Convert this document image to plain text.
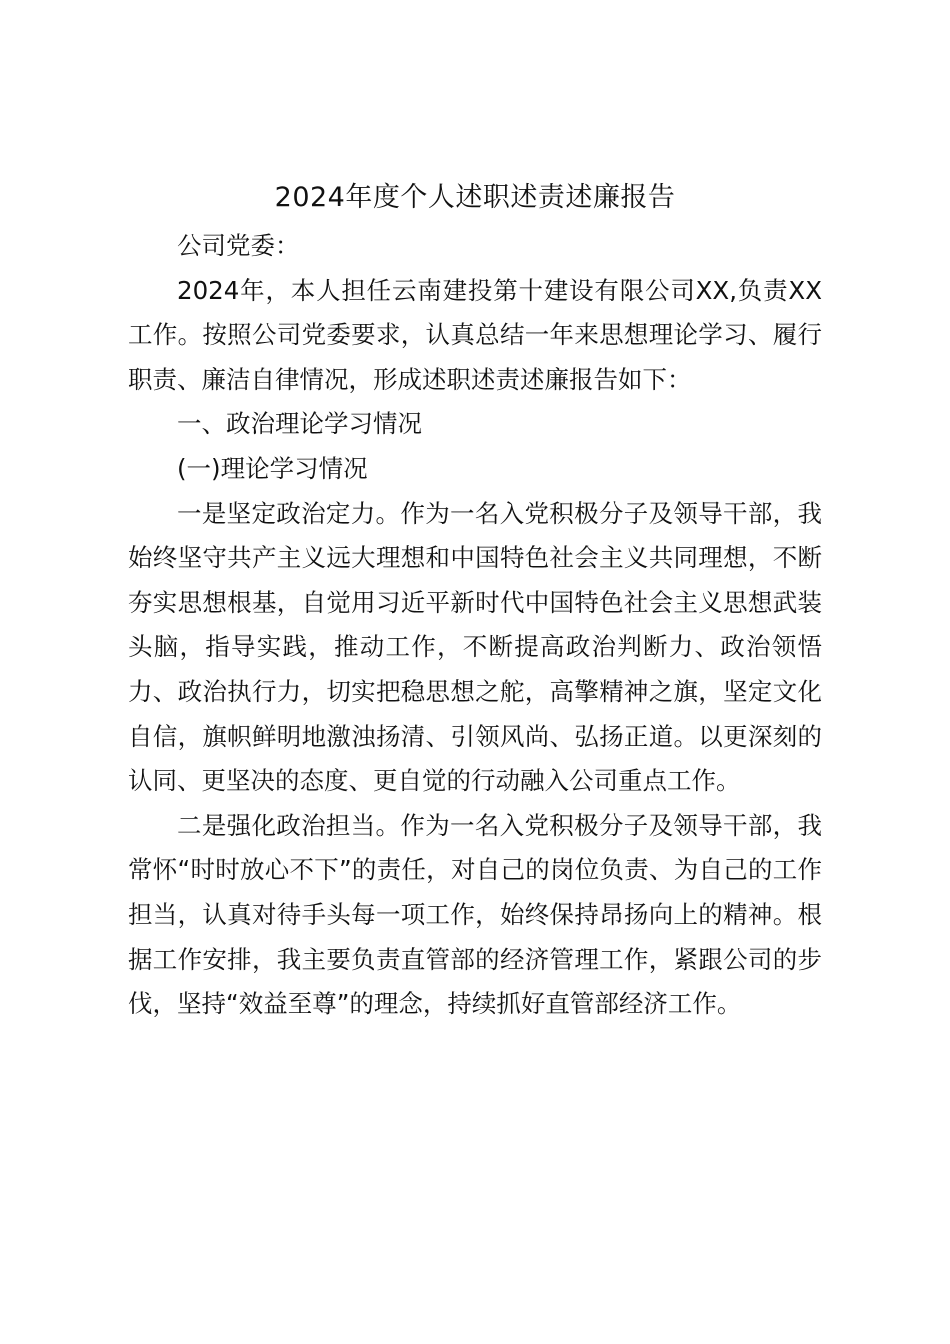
2024年度个人述职述责述廉报告

公司党委：

2024年，本人担任云南建投第十建设有限公司XX,负责XX工作。按照公司党委要求，认真总结一年来思想理论学习、履行职责、廉洁自律情况，形成述职述责述廉报告如下：

一、政治理论学习情况

(一)理论学习情况

一是坚定政治定力。作为一名入党积极分子及领导干部，我始终坚守共产主义远大理想和中国特色社会主义共同理想，不断夯实思想根基，自觉用习近平新时代中国特色社会主义思想武装头脑，指导实践，推动工作，不断提高政治判断力、政治领悟力、政治执行力，切实把稳思想之舵，高擎精神之旗，坚定文化自信，旗帜鲜明地激浊扬清、引领风尚、弘扬正道。以更深刻的认同、更坚决的态度、更自觉的行动融入公司重点工作。

二是强化政治担当。作为一名入党积极分子及领导干部，我常怀“时时放心不下”的责任，对自己的岗位负责、为自己的工作担当，认真对待手头每一项工作，始终保持昂扬向上的精神。根据工作安排，我主要负责直管部的经济管理工作，紧跟公司的步伐，坚持“效益至尊”的理念，持续抓好直管部经济工作。
